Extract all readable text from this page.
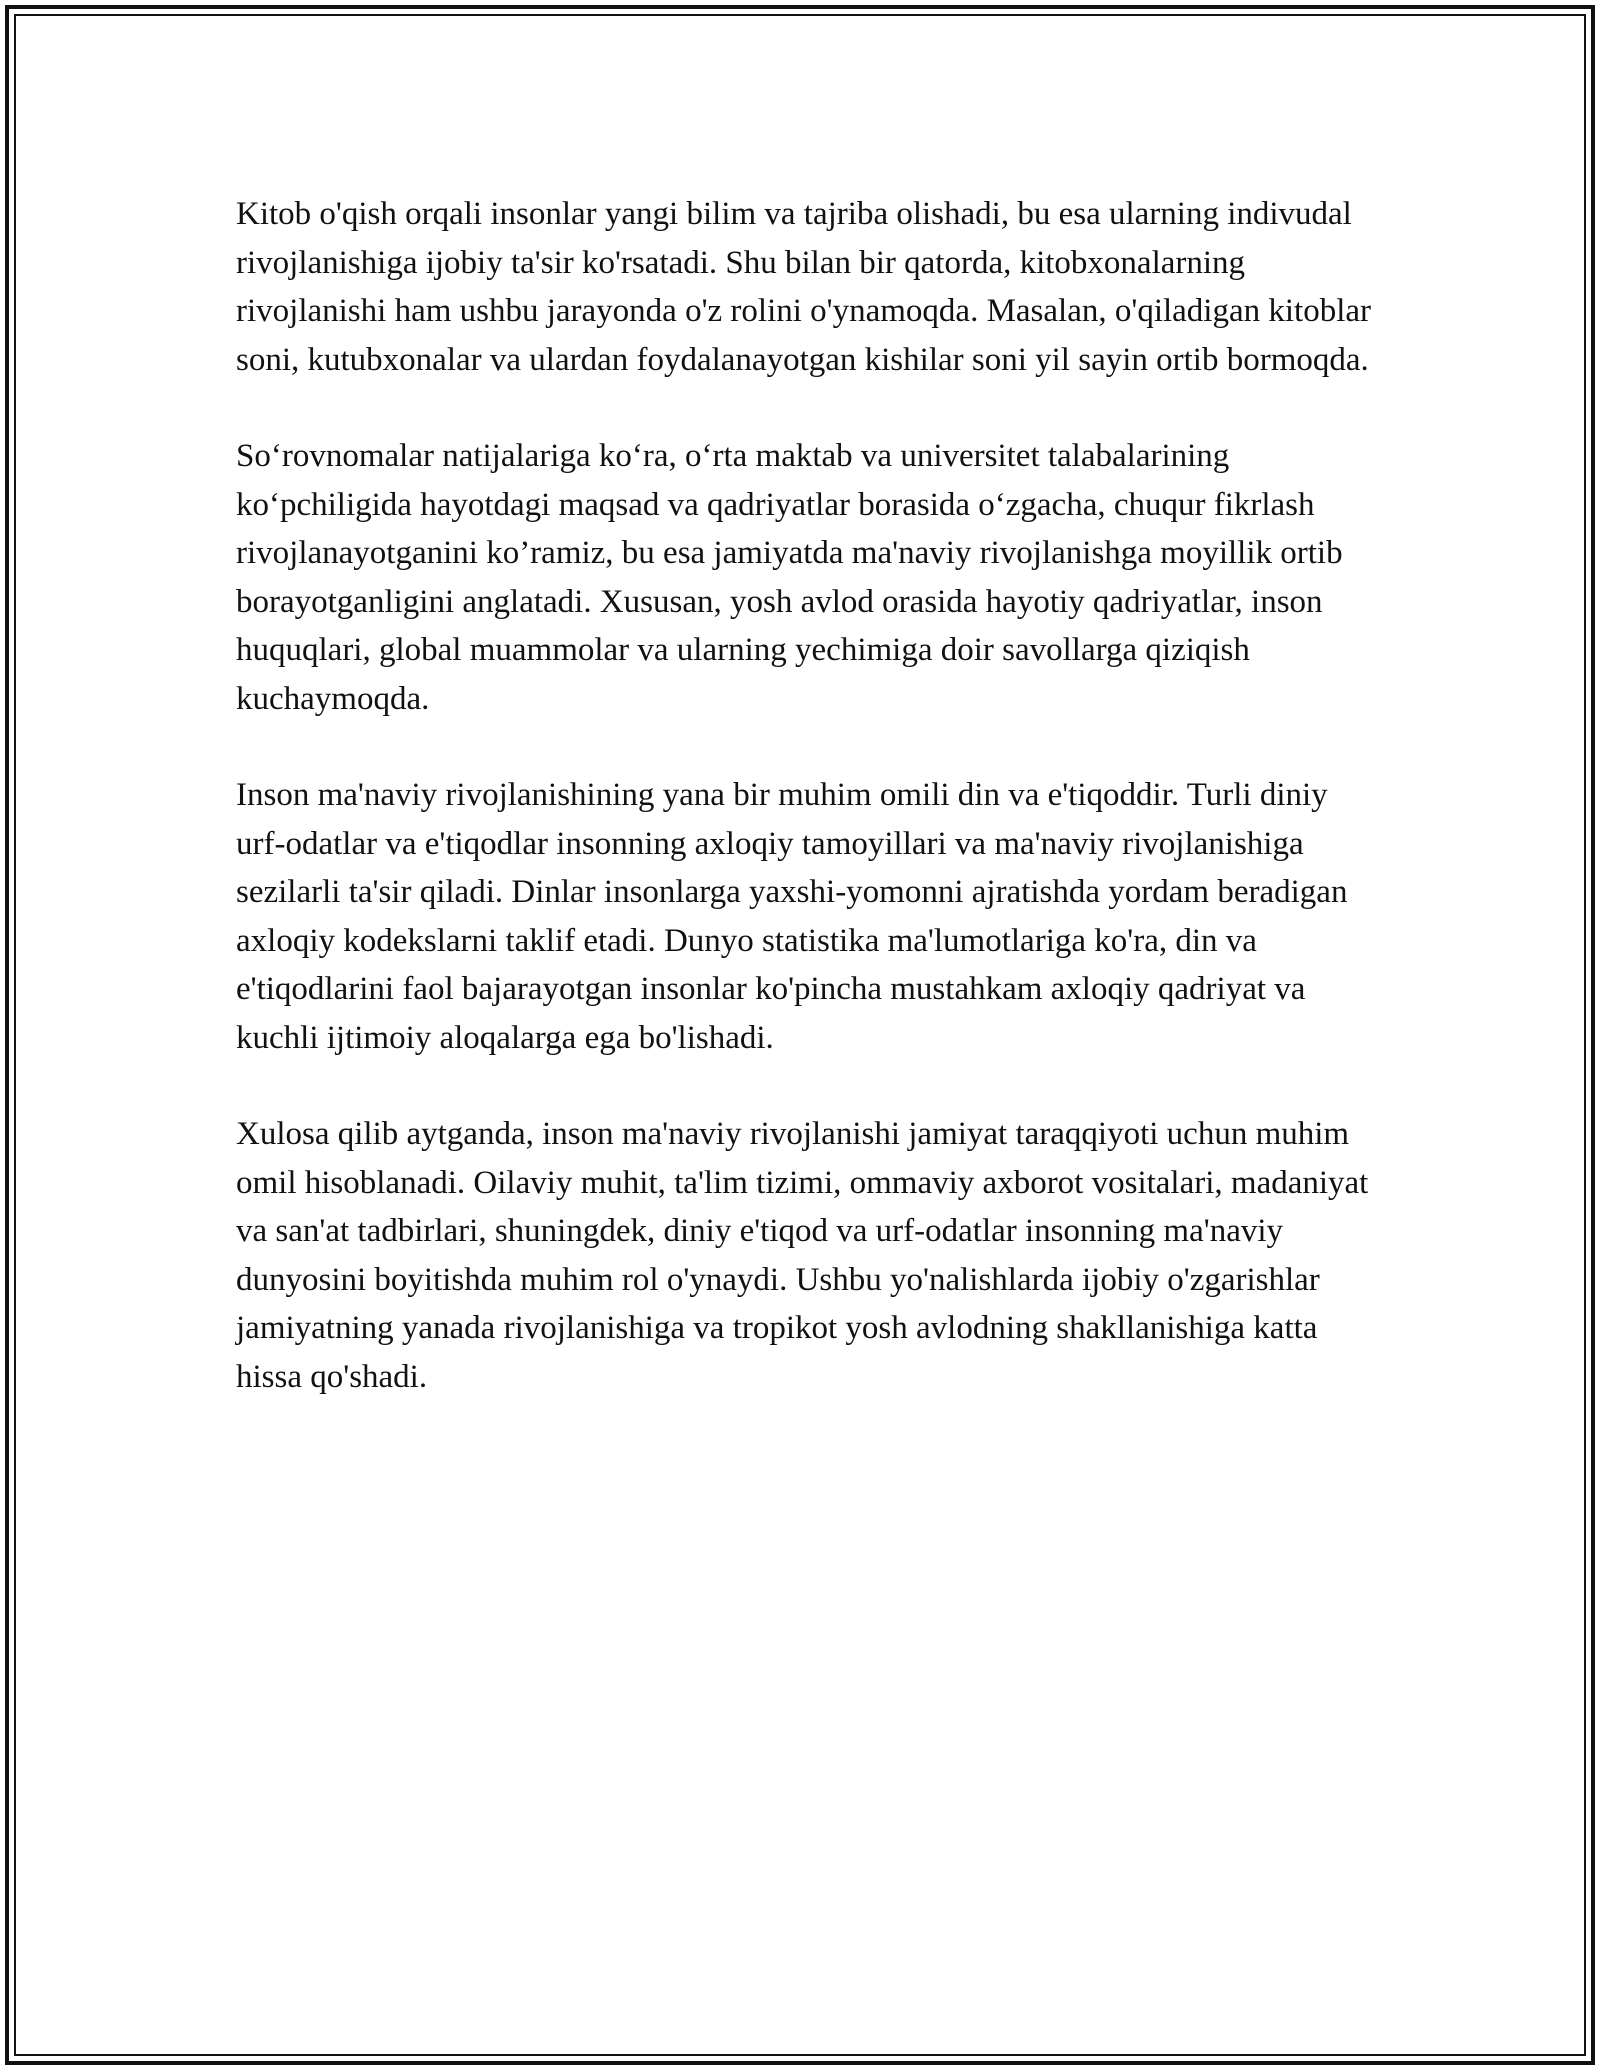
Kitob o'qish orqali insonlar yangi bilim va tajriba olishadi, bu esa ularning indivudal rivojlanishiga ijobiy ta'sir ko'rsatadi. Shu bilan bir qatorda, kitobxonalarning rivojlanishi ham ushbu jarayonda o'z rolini o'ynamoqda. Masalan, o'qiladigan kitoblar soni, kutubxonalar va ulardan foydalanayotgan kishilar soni yil sayin ortib bormoqda.

So‘rovnomalar natijalariga ko‘ra, o‘rta maktab va universitet talabalarining ko‘pchiligida hayotdagi maqsad va qadriyatlar borasida o‘zgacha, chuqur fikrlash rivojlanayotganini ko’ramiz, bu esa jamiyatda ma'naviy rivojlanishga moyillik ortib borayotganligini anglatadi. Xususan, yosh avlod orasida hayotiy qadriyatlar, inson huquqlari, global muammolar va ularning yechimiga doir savollarga qiziqish kuchaymoqda.

Inson ma'naviy rivojlanishining yana bir muhim omili din va e'tiqoddir. Turli diniy urf-odatlar va e'tiqodlar insonning axloqiy tamoyillari va ma'naviy rivojlanishiga sezilarli ta'sir qiladi. Dinlar insonlarga yaxshi-yomonni ajratishda yordam beradigan axloqiy kodekslarni taklif etadi. Dunyo statistika ma'lumotlariga ko'ra, din va e'tiqodlarini faol bajarayotgan insonlar ko'pincha mustahkam axloqiy qadriyat va kuchli ijtimoiy aloqalarga ega bo'lishadi.

Xulosa qilib aytganda, inson ma'naviy rivojlanishi jamiyat taraqqiyoti uchun muhim omil hisoblanadi. Oilaviy muhit, ta'lim tizimi, ommaviy axborot vositalari, madaniyat va san'at tadbirlari, shuningdek, diniy e'tiqod va urf-odatlar insonning ma'naviy dunyosini boyitishda muhim rol o'ynaydi. Ushbu yo'nalishlarda ijobiy o'zgarishlar jamiyatning yanada rivojlanishiga va tropikot yosh avlodning shakllanishiga katta hissa qo'shadi.
